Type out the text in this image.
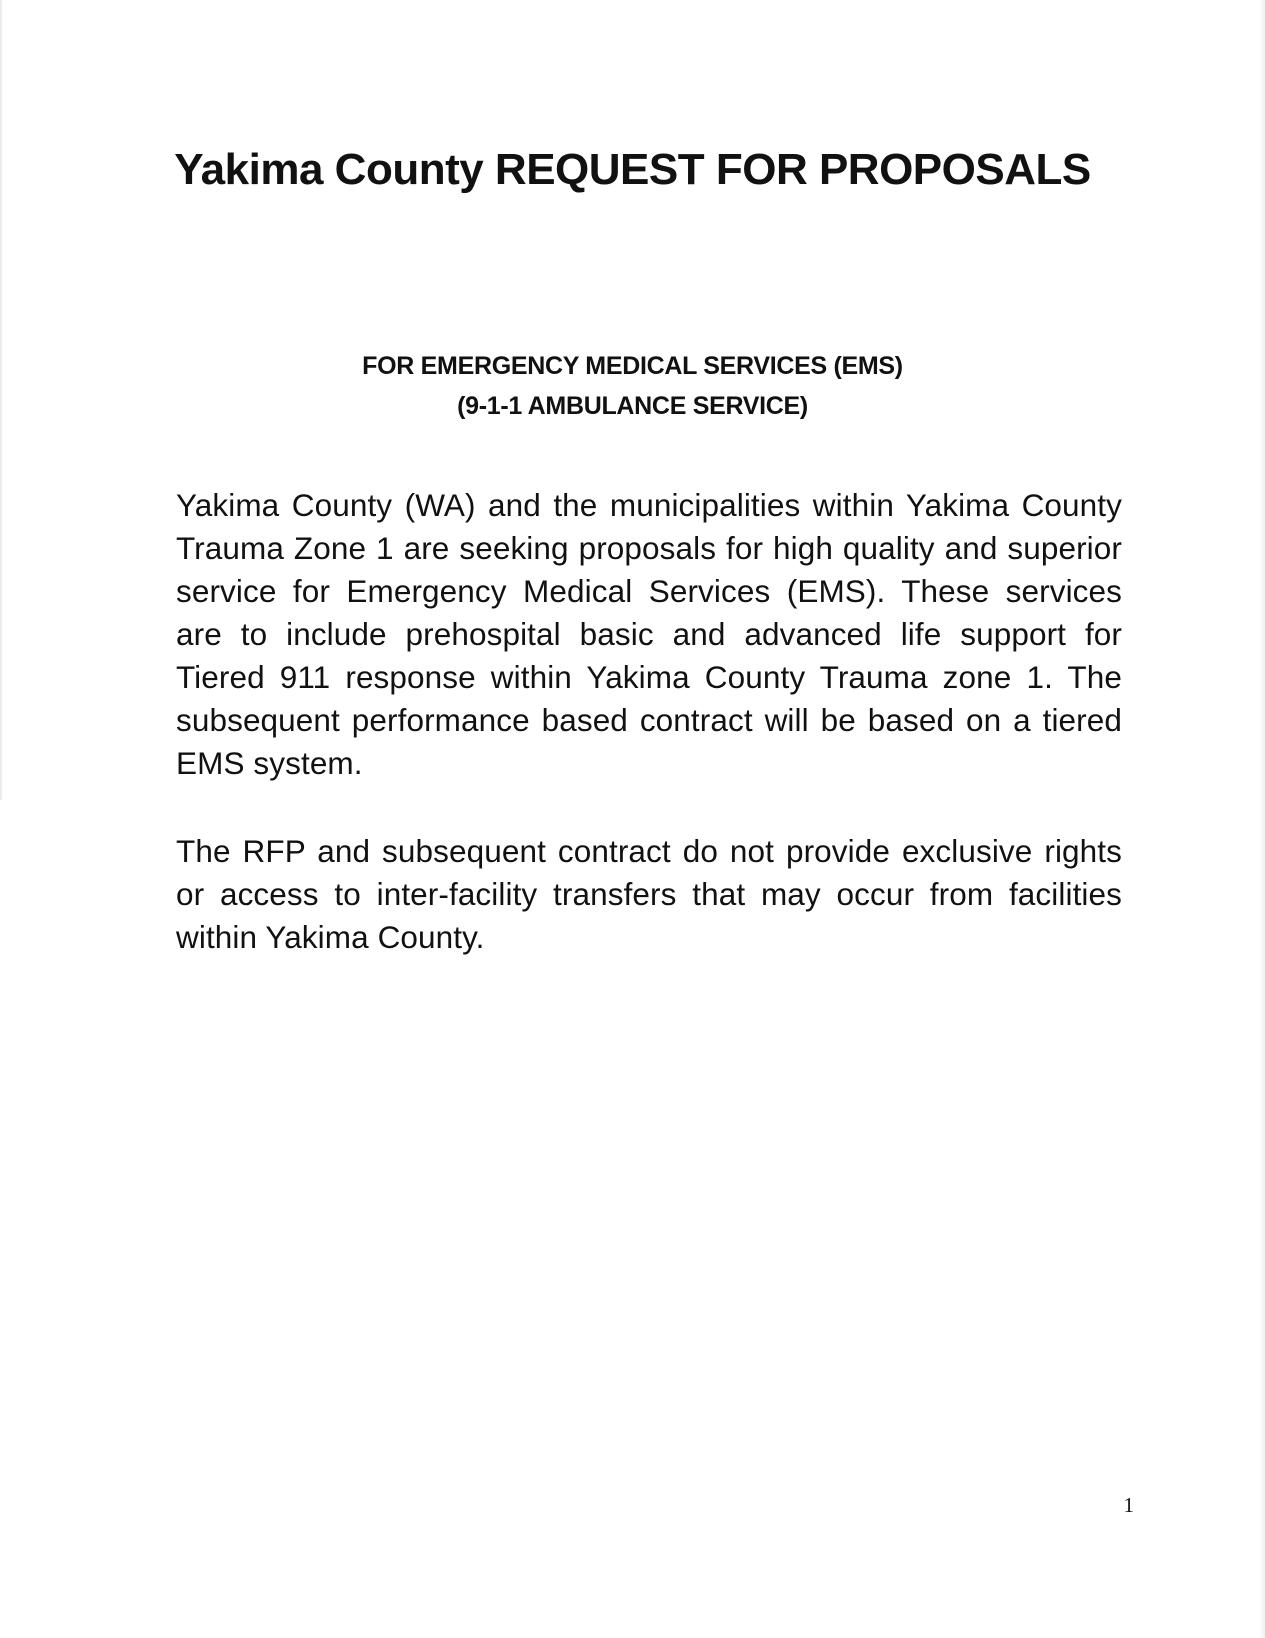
Yakima County REQUEST FOR PROPOSALS
FOR EMERGENCY MEDICAL SERVICES (EMS)
(9-1-1 AMBULANCE SERVICE)

Yakima County (WA) and the municipalities within Yakima County Trauma Zone 1 are seeking proposals for high quality and superior service for Emergency Medical Services (EMS). These services are to include prehospital basic and advanced life support for Tiered 911 response within Yakima County Trauma zone 1. The subsequent performance based contract will be based on a tiered EMS system.

The RFP and subsequent contract do not provide exclusive rights or access to inter-facility transfers that may occur from facilities within Yakima County.

1
